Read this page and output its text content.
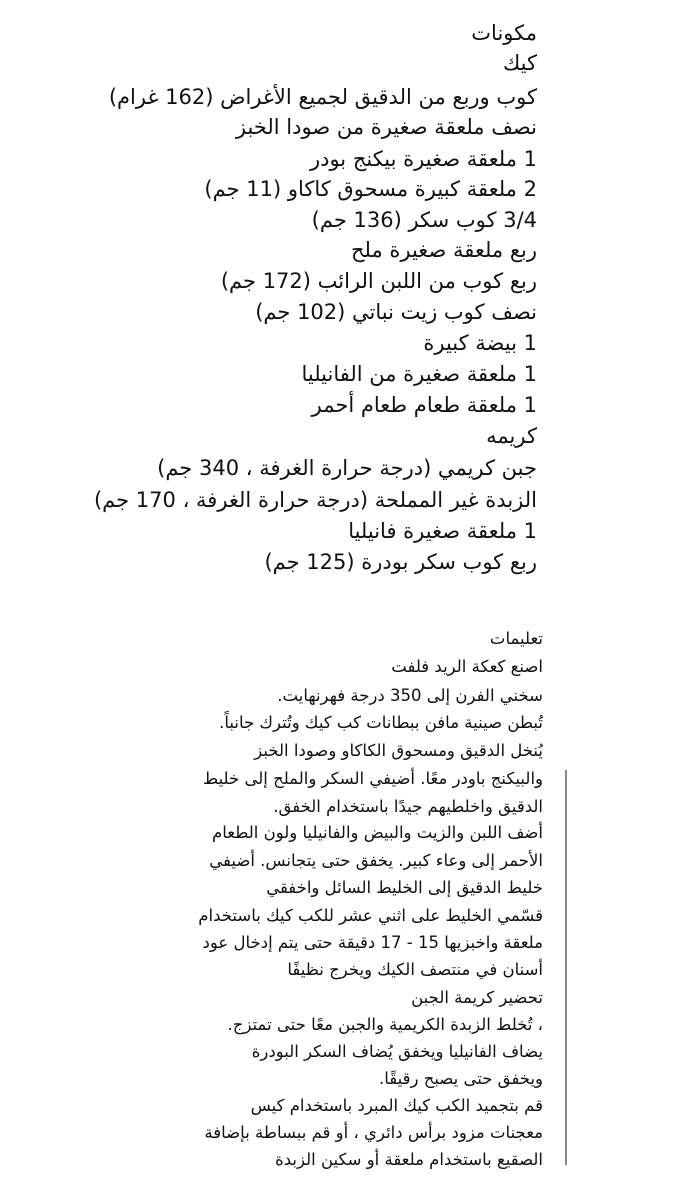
مكونات

كيك

كوب وربع من الدقيق لجميع الأغراض (162 غرام)

نصف ملعقة صغيرة من صودا الخبز

1 ملعقة صغيرة بيكنج بودر

2 ملعقة كبيرة مسحوق كاكاو (11 جم)

3/4 كوب سكر (136 جم)

ربع ملعقة صغيرة ملح

ربع كوب من اللبن الرائب (172 جم)

نصف كوب زيت نباتي (102 جم)

1 بيضة كبيرة

1 ملعقة صغيرة من الفانيليا

1 ملعقة طعام طعام أحمر

كريمه

جبن كريمي (درجة حرارة الغرفة ، 340 جم)

الزبدة غير المملحة (درجة حرارة الغرفة ، 170 جم)

1 ملعقة صغيرة فانيليا

ربع كوب سكر بودرة (125 جم)

تعليمات

اصنع كعكة الريد فلفت

سخني الفرن إلى 350 درجة فهرنهايت.

تُبطن صينية مافن ببطانات كب كيك وتُترك جانباً.

يُنخل الدقيق ومسحوق الكاكاو وصودا الخبز

والبيكنج باودر معًا. أضيفي السكر والملح إلى خليط

الدقيق واخلطيهم جيدًا باستخدام الخفق.

أضف اللبن والزيت والبيض والفانيليا ولون الطعام

الأحمر إلى وعاء كبير. يخفق حتى يتجانس. أضيفي

خليط الدقيق إلى الخليط السائل واخفقي

قسّمي الخليط على اثني عشر للكب كيك باستخدام

ملعقة واخبزيها 15 - 17 دقيقة حتى يتم إدخال عود

أسنان في منتصف الكيك ويخرج نظيفًا

تحضير كريمة الجبن

، تُخلط الزبدة الكريمية والجبن معًا حتى تمتزج.

يضاف الفانيليا ويخفق يُضاف السكر البودرة

ويخفق حتى يصبح رقيقًا.

قم بتجميد الكب كيك المبرد باستخدام كيس

معجنات مزود برأس دائري ، أو قم ببساطة بإضافة

الصقيع باستخدام ملعقة أو سكين الزبدة
